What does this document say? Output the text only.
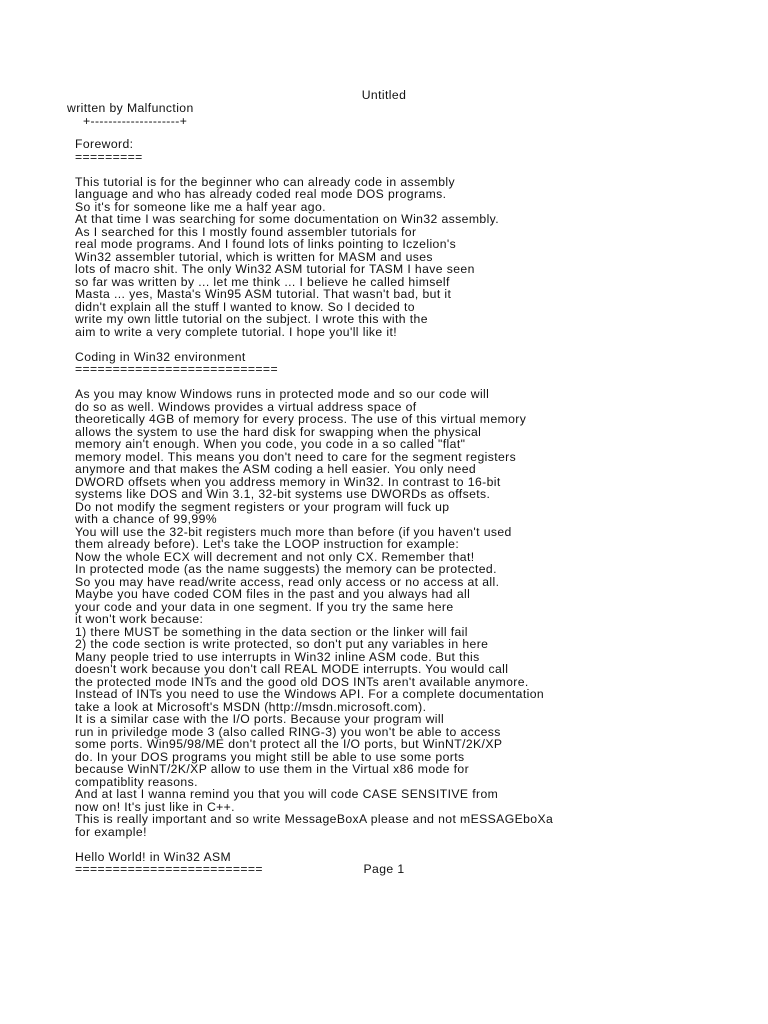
Untitled
written by Malfunction
+--------------------+
Foreword:
=========
This tutorial is for the beginner who can already code in assembly
language and who has already coded real mode DOS programs.
So it's for someone like me a half year ago.
At that time I was searching for some documentation on Win32 assembly.
As I searched for this I mostly found assembler tutorials for
real mode programs. And I found lots of links pointing to Iczelion's
Win32 assembler tutorial, which is written for MASM and uses
lots of macro shit. The only Win32 ASM tutorial for TASM I have seen
so far was written by ... let me think ... I believe he called himself
Masta ... yes, Masta's Win95 ASM tutorial. That wasn't bad, but it
didn't explain all the stuff I wanted to know. So I decided to
write my own little tutorial on the subject. I wrote this with the
aim to write a very complete tutorial. I hope you'll like it!
Coding in Win32 environment
===========================
As you may know Windows runs in protected mode and so our code will
do so as well. Windows provides a virtual address space of
theoretically 4GB of memory for every process. The use of this virtual memory
allows the system to use the hard disk for swapping when the physical
memory ain't enough. When you code, you code in a so called "flat"
memory model. This means you don't need to care for the segment registers
anymore and that makes the ASM coding a hell easier. You only need
DWORD offsets when you address memory in Win32. In contrast to 16-bit
systems like DOS and Win 3.1, 32-bit systems use DWORDs as offsets.
Do not modify the segment registers or your program will fuck up
with a chance of 99,99%
You will use the 32-bit registers much more than before (if you haven't used
them already before). Let's take the LOOP instruction for example:
Now the whole ECX will decrement and not only CX. Remember that!
In protected mode (as the name suggests) the memory can be protected.
So you may have read/write access, read only access or no access at all.
Maybe you have coded COM files in the past and you always had all
your code and your data in one segment. If you try the same here
it won't work because:
1) there MUST be something in the data section or the linker will fail
2) the code section is write protected, so don't put any variables in here
Many people tried to use interrupts in Win32 inline ASM code. But this
doesn't work because you don't call REAL MODE interrupts. You would call
the protected mode INTs and the good old DOS INTs aren't available anymore.
Instead of INTs you need to use the Windows API. For a complete documentation
take a look at Microsoft's MSDN (http://msdn.microsoft.com).
It is a similar case with the I/O ports. Because your program will
run in priviledge mode 3 (also called RING-3) you won't be able to access
some ports. Win95/98/ME don't protect all the I/O ports, but WinNT/2K/XP
do. In your DOS programs you might still be able to use some ports
because WinNT/2K/XP allow to use them in the Virtual x86 mode for
compatiblity reasons.
And at last I wanna remind you that you will code CASE SENSITIVE from
now on! It's just like in C++.
This is really important and so write MessageBoxA please and not mESSAGEboXa
for example!
Hello World! in Win32 ASM
=========================	Page 1
